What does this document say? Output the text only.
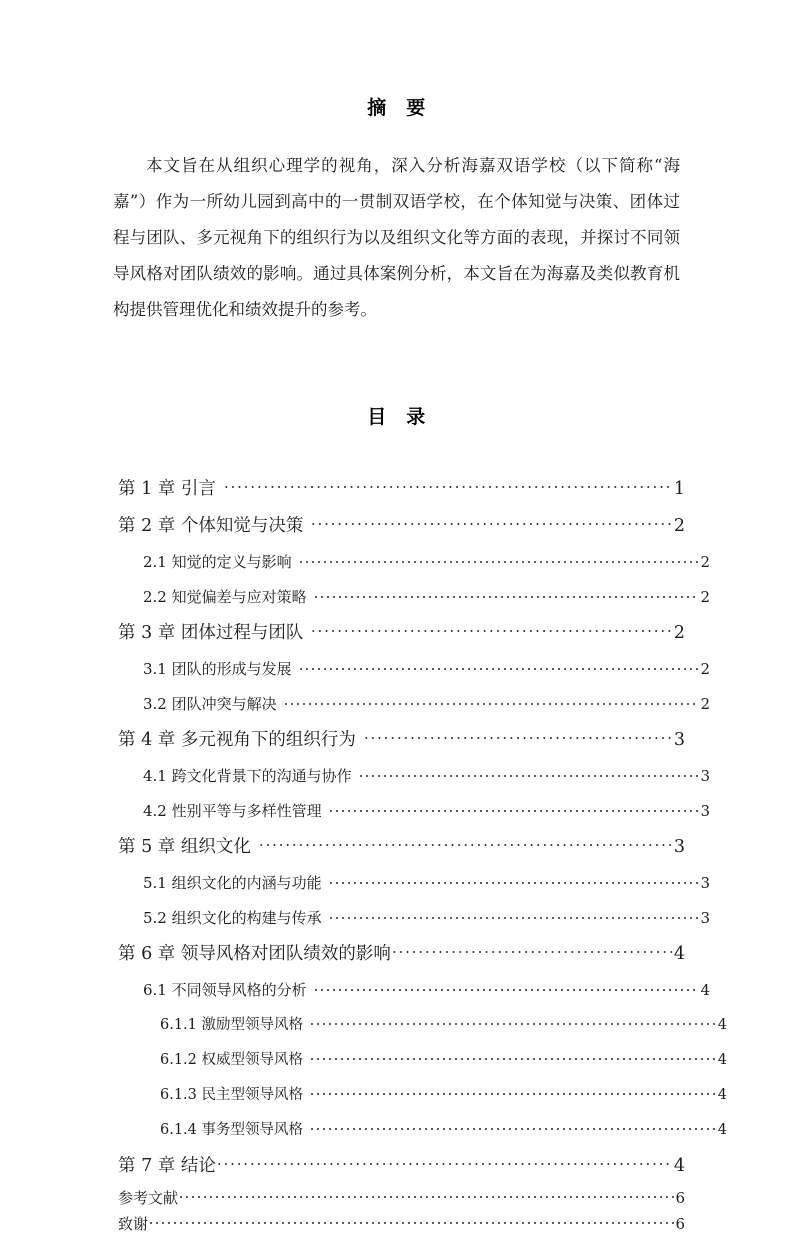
摘　要

本文旨在从组织心理学的视角，深入分析海嘉双语学校（以下简称“海嘉”）作为一所幼儿园到高中的一贯制双语学校，在个体知觉与决策、团体过程与团队、多元视角下的组织行为以及组织文化等方面的表现，并探讨不同领导风格对团队绩效的影响。通过具体案例分析，本文旨在为海嘉及类似教育机构提供管理优化和绩效提升的参考。

目　录
第 1 章 引言	1
第 2 章 个体知觉与决策	2
2.1 知觉的定义与影响	2
2.2 知觉偏差与应对策略	2
第 3 章 团体过程与团队	2
3.1 团队的形成与发展	2
3.2 团队冲突与解决	2
第 4 章 多元视角下的组织行为	3
4.1 跨文化背景下的沟通与协作	3
4.2 性别平等与多样性管理	3
第 5 章 组织文化	3
5.1 组织文化的内涵与功能	3
5.2 组织文化的构建与传承	3
第 6 章 领导风格对团队绩效的影响	4
6.1 不同领导风格的分析	4
6.1.1 激励型领导风格	4
6.1.2 权威型领导风格	4
6.1.3 民主型领导风格	4
6.1.4 事务型领导风格	4
第 7 章 结论	4
参考文献	6
致谢	6
